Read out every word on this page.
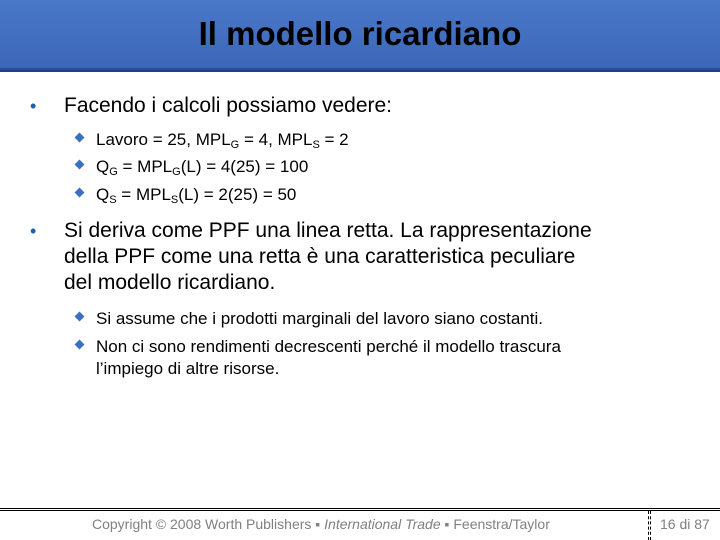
Il modello ricardiano
• Facendo i calcoli possiamo vedere:
Lavoro = 25, $MPL_G = 4$, $MPL_S = 2$
$Q_G = MPL_G(L) = 4(25) = 100$
$Q_S = MPL_S(L) = 2(25) = 50$
• Si deriva come PPF una linea retta. La rappresentazione
della PPF come una retta è una caratteristica peculiare
del modello ricardiano.
Si assume che i prodotti marginali del lavoro siano costanti.
Non ci sono rendimenti decrescenti perché il modello trascura
l’impiego di altre risorse.
Copyright © 2008 Worth Publishers ▪ International Trade ▪ Feenstra/Taylor	16 di 87
